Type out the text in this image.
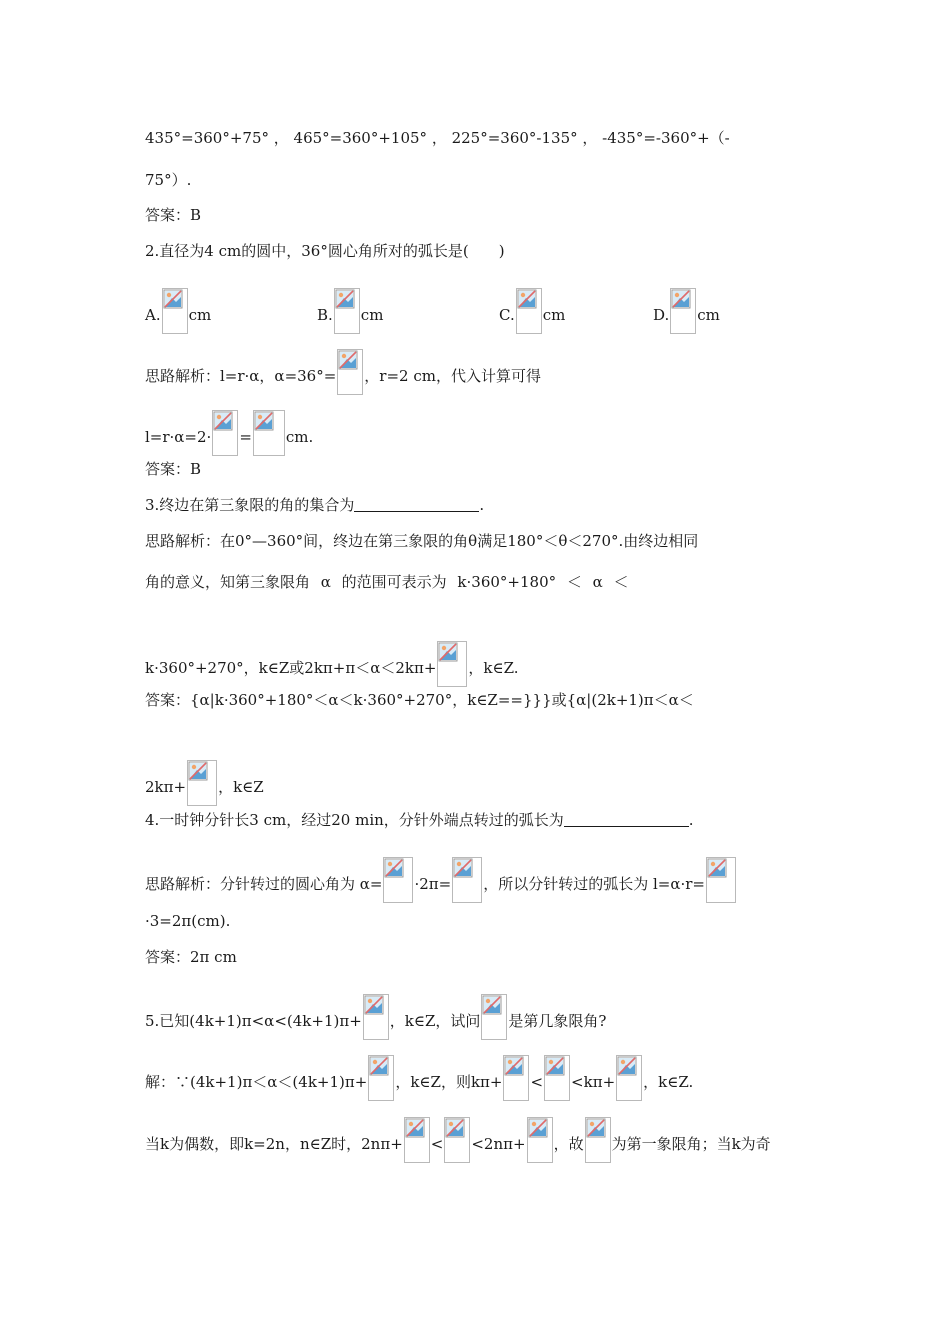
435°=360°+75° ， 465°=360°+105° ， 225°=360°-135° ， -435°=-360°+（-
75°）.
答案：B
2.直径为4 cm的圆中，36°圆心角所对的弧长是(　　)
A. cm	B. cm	C. cm	D. cm
思路解析：l=r·α，α=36°= ，r=2 cm，代入计算可得
l=r·α=2· = cm.
答案：B
3.终边在第三象限的角的集合为	.
思路解析：在0°—360°间，终边在第三象限的角θ满足180°＜θ＜270°.由终边相同
角的意义，知第三象限角 α 的范围可表示为 k·360°+180° ＜ α ＜
k·360°+270°，k∈Z或2kπ+π＜α＜2kπ+ ，k∈Z.
答案：{α|k·360°+180°＜α＜k·360°+270°，k∈Z==}}}或{α|(2k+1)π＜α＜
2kπ+ ，k∈Z
4.一时钟分针长3 cm，经过20 min，分针外端点转过的弧长为	.
思路解析：分针转过的圆心角为 α= ·2π= ，所以分针转过的弧长为 l=α·r=
·3=2π(cm).
答案：2π cm
5.已知(4k+1)π<α<(4k+1)π+ ，k∈Z，试问 是第几象限角?
解：∵(4k+1)π＜α＜(4k+1)π+ ，k∈Z，则kπ+ < <kπ+ ，k∈Z.
当k为偶数，即k=2n，n∈Z时，2nπ+ < <2nπ+ ，故 为第一象限角；当k为奇
